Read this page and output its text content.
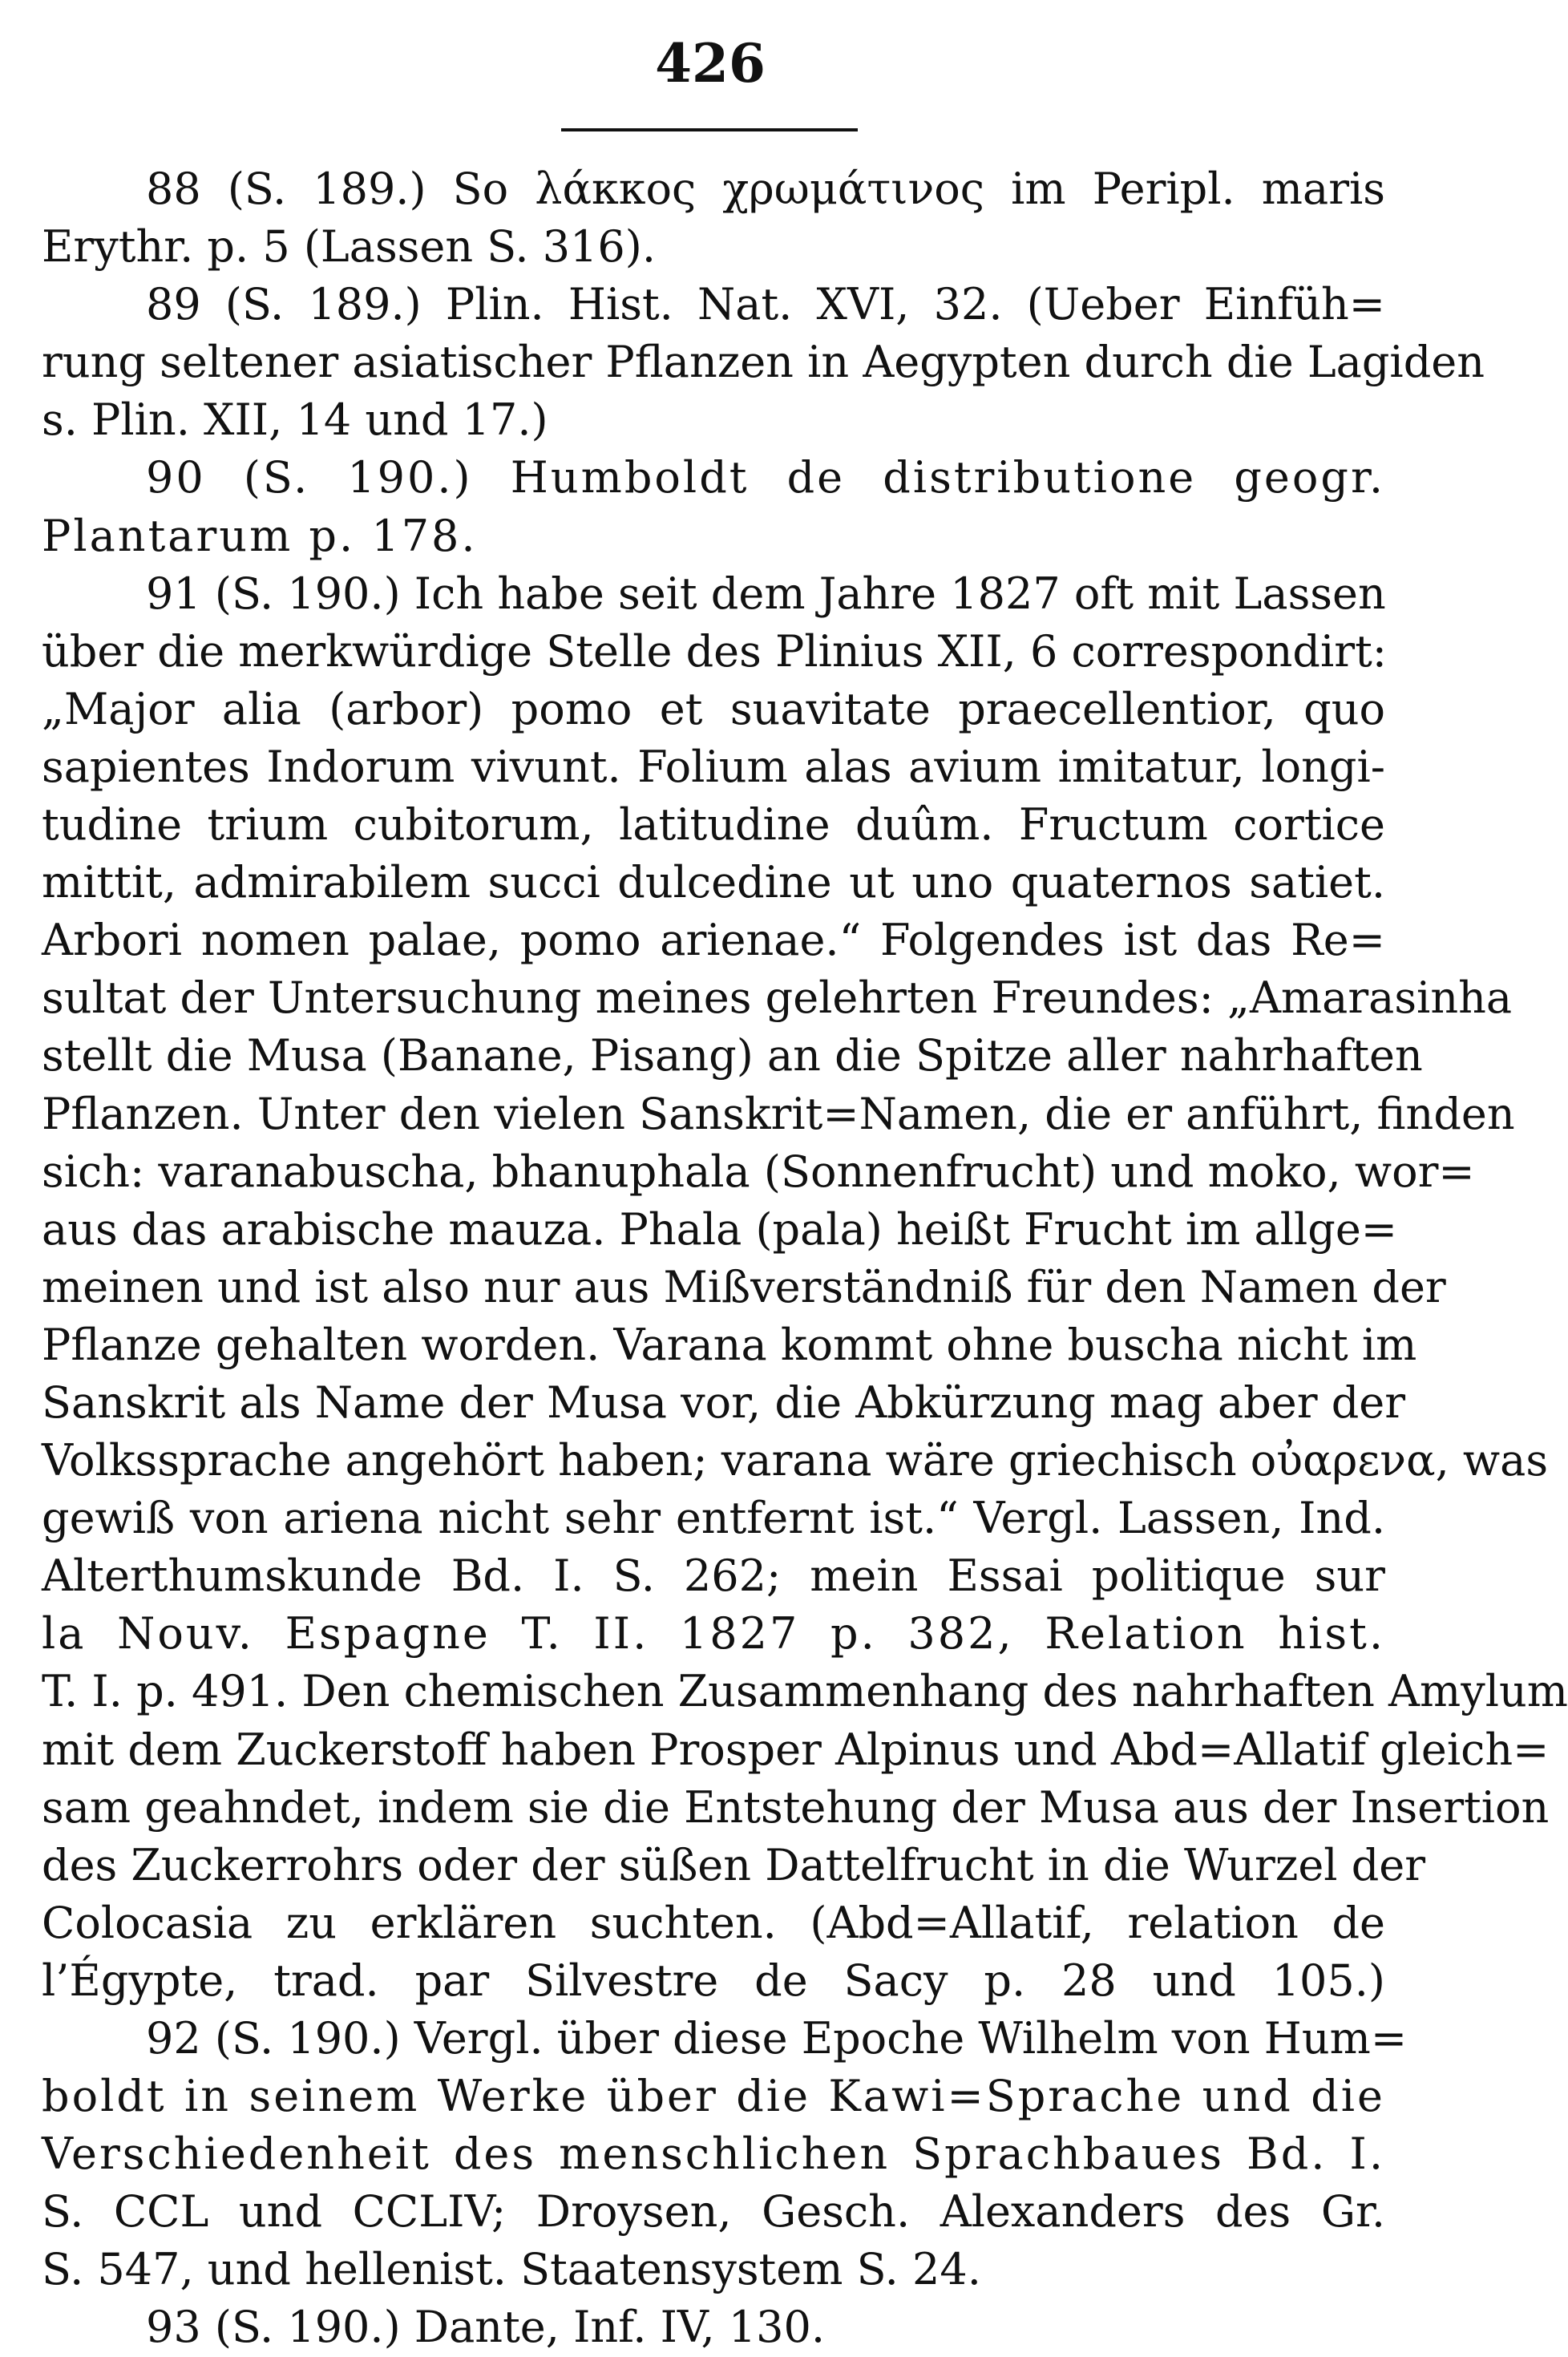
426
88 (S. 189.) So λάκκος χρωμάτινος im Peripl. maris
Erythr. p. 5 (Lassen S. 316).
89 (S. 189.) Plin. Hist. Nat. XVI, 32. (Ueber Einfüh=
rung seltener asiatischer Pflanzen in Aegypten durch die Lagiden
s. Plin. XII, 14 und 17.)
90 (S. 190.) Humboldt de distributione geogr.
Plantarum p. 178.
91 (S. 190.) Ich habe seit dem Jahre 1827 oft mit Lassen
über die merkwürdige Stelle des Plinius XII, 6 correspondirt:
„Major alia (arbor) pomo et suavitate praecellentior, quo
sapientes Indorum vivunt. Folium alas avium imitatur, longi-
tudine trium cubitorum, latitudine duûm. Fructum cortice
mittit, admirabilem succi dulcedine ut uno quaternos satiet.
Arbori nomen palae, pomo arienae.“ Folgendes ist das Re=
sultat der Untersuchung meines gelehrten Freundes: „Amarasinha
stellt die Musa (Banane, Pisang) an die Spitze aller nahrhaften
Pflanzen. Unter den vielen Sanskrit=Namen, die er anführt, finden
sich: varanabuscha, bhanuphala (Sonnenfrucht) und moko, wor=
aus das arabische mauza. Phala (pala) heißt Frucht im allge=
meinen und ist also nur aus Mißverständniß für den Namen der
Pflanze gehalten worden. Varana kommt ohne buscha nicht im
Sanskrit als Name der Musa vor, die Abkürzung mag aber der
Volkssprache angehört haben; varana wäre griechisch οὐαρενα, was
gewiß von ariena nicht sehr entfernt ist.“ Vergl. Lassen, Ind.
Alterthumskunde Bd. I. S. 262; mein Essai politique sur
la Nouv. Espagne T. II. 1827 p. 382, Relation hist.
T. I. p. 491. Den chemischen Zusammenhang des nahrhaften Amylum
mit dem Zuckerstoff haben Prosper Alpinus und Abd=Allatif gleich=
sam geahndet, indem sie die Entstehung der Musa aus der Insertion
des Zuckerrohrs oder der süßen Dattelfrucht in die Wurzel der
Colocasia zu erklären suchten. (Abd=Allatif, relation de
l’Égypte, trad. par Silvestre de Sacy p. 28 und 105.)
92 (S. 190.) Vergl. über diese Epoche Wilhelm von Hum=
boldt in seinem Werke über die Kawi=Sprache und die
Verschiedenheit des menschlichen Sprachbaues Bd. I.
S. CCL und CCLIV; Droysen, Gesch. Alexanders des Gr.
S. 547, und hellenist. Staatensystem S. 24.
93 (S. 190.) Dante, Inf. IV, 130.
